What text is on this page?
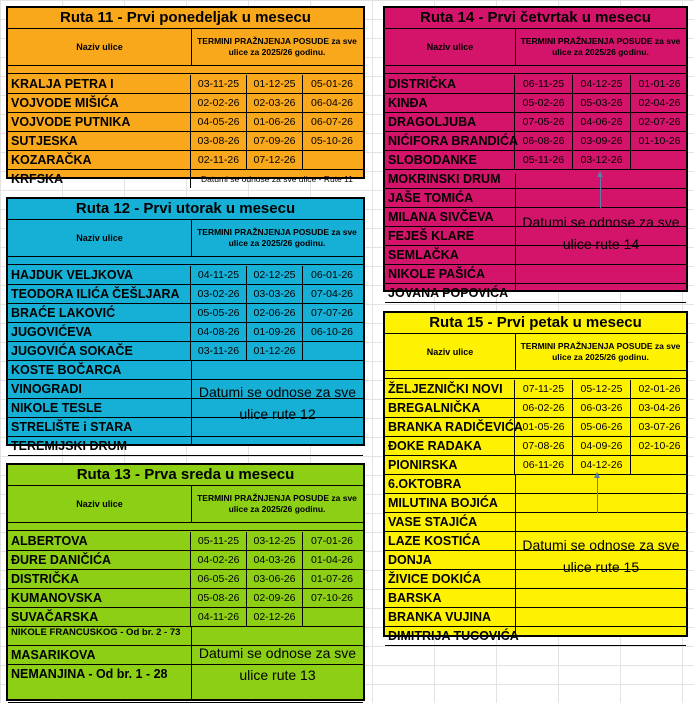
Ruta 11 - Prvi ponedeljak u mesecu
Naziv ulice
TERMINI PRAŽNJENJA POSUDE za sve ulice za 2025/26 godinu.
KRALJA PETRA I	03-11-25	01-12-25	05-01-26
VOJVODE MIŠIĆA	02-02-26	02-03-26	06-04-26
VOJVODE PUTNIKA	04-05-26	01-06-26	06-07-26
SUTJESKA	03-08-26	07-09-26	05-10-26
KOZARAČKA	02-11-26	07-12-26
KRFSKA	Datumi se odnose za sve ulice - Rute 11
Ruta 14 - Prvi četvrtak u mesecu
Naziv ulice
TERMINI PRAŽNJENJA POSUDE za sve ulice za 2025/26 godinu.
DISTRIČKA	06-11-25	04-12-25	01-01-26
KINĐA	05-02-26	05-03-26	02-04-26
DRAGOLJUBA	07-05-26	04-06-26	02-07-26
NIĆIFORA BRANDIĆA 06-08-26	03-09-26	01-10-26
SLOBODANKE	05-11-26	03-12-26
MOKRINSKI DRUM
JAŠE TOMIĆA
MILANA SIVČEVA
FEJEŠ KLARE
SEMLAČKA
NIKOLE PAŠIĆA
JOVANA POPOVIĆA
Datumi se odnose za sve ulice rute 14
Ruta 12 - Prvi utorak u mesecu
Naziv ulice
TERMINI PRAŽNJENJA POSUDE za sve ulice za 2025/26 godinu.
HAJDUK VELJKOVA	04-11-25	02-12-25	06-01-26
TEODORA ILIĆA ČEŠLJARA	03-02-26	03-03-26	07-04-26
BRAĆE LAKOVIĆ	05-05-26	02-06-26	07-07-26
JUGOVIĆEVA	04-08-26	01-09-26	06-10-26
JUGOVIĆA SOKAČE	03-11-26	01-12-26
KOSTE BOČARCA
VINOGRADI
NIKOLE TESLE
STRELIŠTE i STARA
TEREMIJSKI DRUM
Datumi se odnose za sve ulice rute 12
Ruta 15 - Prvi petak u mesecu
Naziv ulice
TERMINI PRAŽNJENJA POSUDE za sve ulice za 2025/26 godinu.
ŽELJEZNIČKI NOVI	07-11-25	05-12-25	02-01-26
BREGALNIČKA	06-02-26	06-03-26	03-04-26
BRANKA RADIČEVIĆA 01-05-26	05-06-26	03-07-26
ĐOKE RADAKA	07-08-26	04-09-26	02-10-26
PIONIRSKA	06-11-26	04-12-26
6.OKTOBRA
MILUTINA BOJIĆA
VASE STAJIĆA
LAZE KOSTIĆA
DONJA
ŽIVICE DOKIĆA
BARSKA
BRANKA VUJINA
DIMITRIJA TUCOVIĆA
Datumi se odnose za sve ulice rute 15
Ruta 13 - Prva sreda u mesecu
Naziv ulice
TERMINI PRAŽNJENJA POSUDE za sve ulice za 2025/26 godinu.
ALBERTOVA	05-11-25	03-12-25	07-01-26
ĐURE DANIČIĆA	04-02-26	04-03-26	01-04-26
DISTRIČKA	06-05-26	03-06-26	01-07-26
KUMANOVSKA	05-08-26	02-09-26	07-10-26
SUVAČARSKA	04-11-26	02-12-26
NIKOLE FRANCUSKOG - Od br. 2 - 73
MASARIKOVA
NEMANJINA - Od br. 1 - 28
Datumi se odnose za sve ulice rute 13
